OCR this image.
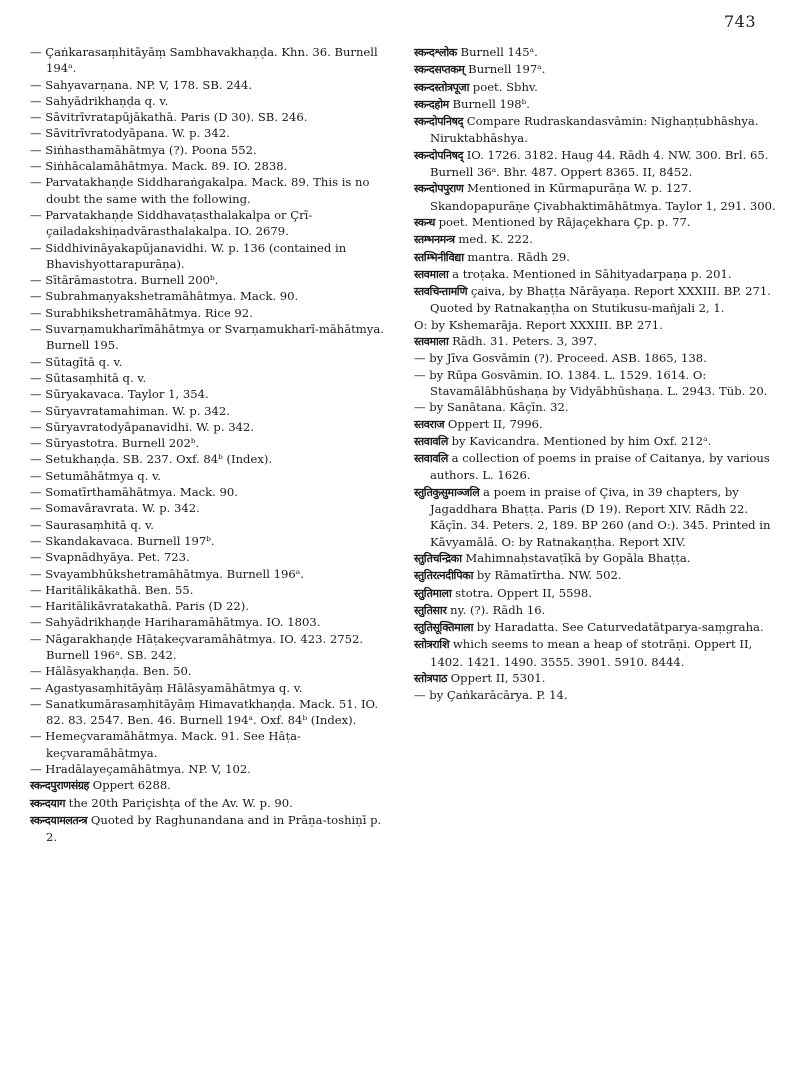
743

— Çaṅkarasaṃhitāyāṃ Sambhavakhaṇḍa. Khn. 36. Burnell 194ᵃ.

— Sahyavarṇana. NP. V, 178. SB. 244.

— Sahyādrikhaṇḍa q. v.

— Sāvitrīvratapūjākathā. Paris (D 30). SB. 246.

— Sāvitrīvratodyāpana. W. p. 342.

— Siṅhasthamāhātmya (?). Poona 552.

— Siṅhācalamāhātmya. Mack. 89. IO. 2838.

— Parvatakhaṇḍe Siddharaṅgakalpa. Mack. 89. This is no doubt the same with the following.

— Parvatakhaṇḍe Siddhavaṭasthalakalpa or Çrī-çailadakshiṇadvārasthalakalpa. IO. 2679.

— Siddhivināyakapūjanavidhi. W. p. 136 (contained in Bhavishyottarapurāṇa).

— Sītārāmastotra. Burnell 200ᵇ.

— Subrahmaṇyakshetramāhātmya. Mack. 90.

— Surabhikshetramāhātmya. Rice 92.

— Suvarṇamukharīmāhātmya or Svarṇamukharī-māhātmya. Burnell 195.

— Sūtagītā q. v.

— Sūtasaṃhitā q. v.

— Sūryakavaca. Taylor 1, 354.

— Sūryavratamahiman. W. p. 342.

— Sūryavratodyāpanavidhi. W. p. 342.

— Sūryastotra. Burnell 202ᵇ.

— Setukhaṇḍa. SB. 237. Oxf. 84ᵇ (Index).

— Setumāhātmya q. v.

— Somatīrthamāhātmya. Mack. 90.

— Somavāravrata. W. p. 342.

— Saurasaṃhitā q. v.

— Skandakavaca. Burnell 197ᵇ.

— Svapnādhyāya. Pet. 723.

— Svayambhūkshetramāhātmya. Burnell 196ᵃ.

— Haritālikākathā. Ben. 55.

— Haritālikāvratakathā. Paris (D 22).

— Sahyādrikhaṇḍe Hariharamāhātmya. IO. 1803.

— Nāgarakhaṇḍe Hāṭakeçvaramāhātmya. IO. 423. 2752. Burnell 196ᵃ. SB. 242.

— Hālāsyakhaṇḍa. Ben. 50.

— Agastyasaṃhitāyāṃ Hālāsyamāhātmya q. v.

— Sanatkumārasaṃhitāyāṃ Himavatkhaṇḍa. Mack. 51. IO. 82. 83. 2547. Ben. 46. Burnell 194ᵃ. Oxf. 84ᵇ (Index).

— Hemeçvaramāhātmya. Mack. 91. See Hāṭa-keçvaramāhātmya.

— Hradālayeçamāhātmya. NP. V, 102.

स्कन्दपुराणसंग्रह Oppert 6288.

स्कन्दयाग the 20th Pariçishṭa of the Av. W. p. 90.

स्कन्दयामलतन्त्र Quoted by Raghunandana and in Prāṇa-toshiṇī p. 2.

स्कन्दश्लोक Burnell 145ᵃ.

स्कन्दसप्तकम् Burnell 197ᵃ.

स्कन्दस्तोत्रपूजा poet. Sbhv.

स्कन्दहोम Burnell 198ᵇ.

स्कन्दोपनिषद् Compare Rudraskandasvāmin: Nighaṇṭubhāshya. Niruktabhāshya.

स्कन्दोपनिषद् IO. 1726. 3182. Haug 44. Rādh 4. NW. 300. Brl. 65. Burnell 36ᵃ. Bhr. 487. Oppert 8365. II, 8452.

स्कन्दोपपुराण Mentioned in Kūrmapurāṇa W. p. 127. Skandopapurāṇe Çivabhaktimāhātmya. Taylor 1, 291. 300.

स्कन्ध poet. Mentioned by Rājaçekhara Çp. p. 77.

स्तम्भनमन्त्र med. K. 222.

स्तम्भिनीविद्या mantra. Rādh 29.

स्तवमाला a troṭaka. Mentioned in Sāhityadarpaṇa p. 201.

स्तवचिन्तामणि çaiva, by Bhaṭṭa Nārāyaṇa. Report XXXIII. BP. 271. Quoted by Ratnakaṇṭha on Stutikusu-mañjali 2, 1.

O: by Kshemarāja. Report XXXIII. BP. 271.

स्तवमाला Rādh. 31. Peters. 3, 397.

— by Jīva Gosvāmin (?). Proceed. ASB. 1865, 138.

— by Rūpa Gosvāmin. IO. 1384. L. 1529. 1614. O: Stavamālābhūshaṇa by Vidyābhūshaṇa. L. 2943. Tüb. 20.

— by Sanātana. Kāçīn. 32.

स्तवराज Oppert II, 7996.

स्तवावलि by Kavicandra. Mentioned by him Oxf. 212ᵃ.

स्तवावलि a collection of poems in praise of Caitanya, by various authors. L. 1626.

स्तुतिकुसुमाञ्जलि a poem in praise of Çiva, in 39 chapters, by Jagaddhara Bhaṭṭa. Paris (D 19). Report XIV. Rādh 22. Kāçīn. 34. Peters. 2, 189. BP 260 (and O:). 345. Printed in Kāvyamālā. O: by Ratnakaṇṭha. Report XIV.

स्तुतिचन्द्रिका Mahimnaḥstavaṭīkā by Gopāla Bhaṭṭa.

स्तुतिरत्नदीपिका by Rāmatīrtha. NW. 502.

स्तुतिमाला stotra. Oppert II, 5598.

स्तुतिसार ny. (?). Rādh 16.

स्तुतिसूक्तिमाला by Haradatta. See Caturvedatātparya-saṃgraha.

स्तोत्रराशि which seems to mean a heap of stotrāṇi. Oppert II, 1402. 1421. 1490. 3555. 3901. 5910. 8444.

स्तोत्रपाठ Oppert II, 5301.

— by Çaṅkarācārya. P. 14.
